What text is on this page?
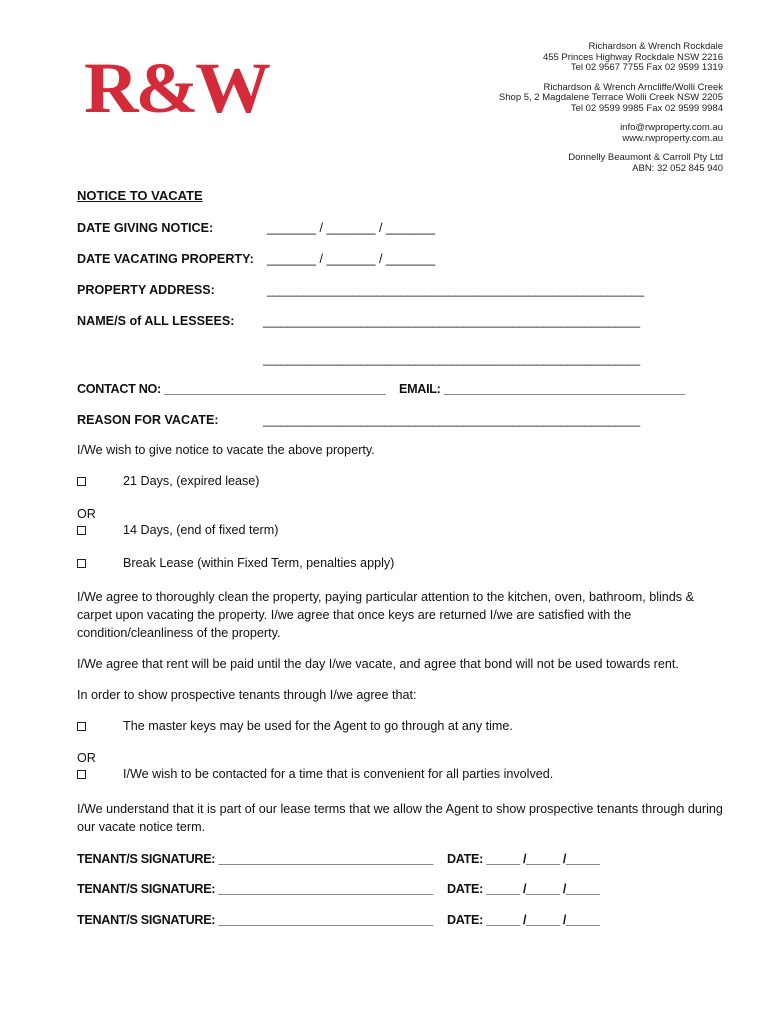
R&W
Richardson & Wrench Rockdale
455 Princes Highway Rockdale NSW 2216
Tel 02 9567 7755 Fax 02 9599 1319
Richardson & Wrench Arncliffe/Wolli Creek
Shop 5, 2 Magdalene Terrace Wolli Creek NSW 2205
Tel 02 9599 9985 Fax 02 9599 9984
info@rwproperty.com.au
www.rwproperty.com.au
Donnelly Beaumont & Carroll Pty Ltd
ABN: 32 052 845 940
NOTICE TO VACATE
DATE GIVING NOTICE:	_______ / _______ / _______
DATE VACATING PROPERTY: _______ / _______ / _______
PROPERTY ADDRESS:	______________________________________________________________
NAME/S of ALL LESSEES: ______________________________________________________________
______________________________________________________________
CONTACT NO: _________________________________ EMAIL: ____________________________________
REASON FOR VACATE:	______________________________________________________________
I/We wish to give notice to vacate the above property.
21 Days, (expired lease)
OR
14 Days, (end of fixed term)
Break Lease (within Fixed Term, penalties apply)
I/We agree to thoroughly clean the property, paying particular attention to the kitchen, oven, bathroom, blinds & carpet upon vacating the property. I/we agree that once keys are returned I/we are satisfied with the condition/cleanliness of the property.
I/We agree that rent will be paid until the day I/we vacate, and agree that bond will not be used towards rent.
In order to show prospective tenants through I/we agree that:
The master keys may be used for the Agent to go through at any time.
OR
I/We wish to be contacted for a time that is convenient for all parties involved.
I/We understand that it is part of our lease terms that we allow the Agent to show prospective tenants through during our vacate notice term.
TENANT/S SIGNATURE: ________________________________ DATE: _____ /_____ /_____
TENANT/S SIGNATURE: ________________________________ DATE: _____ /_____ /_____
TENANT/S SIGNATURE: ________________________________ DATE: _____ /_____ /_____
